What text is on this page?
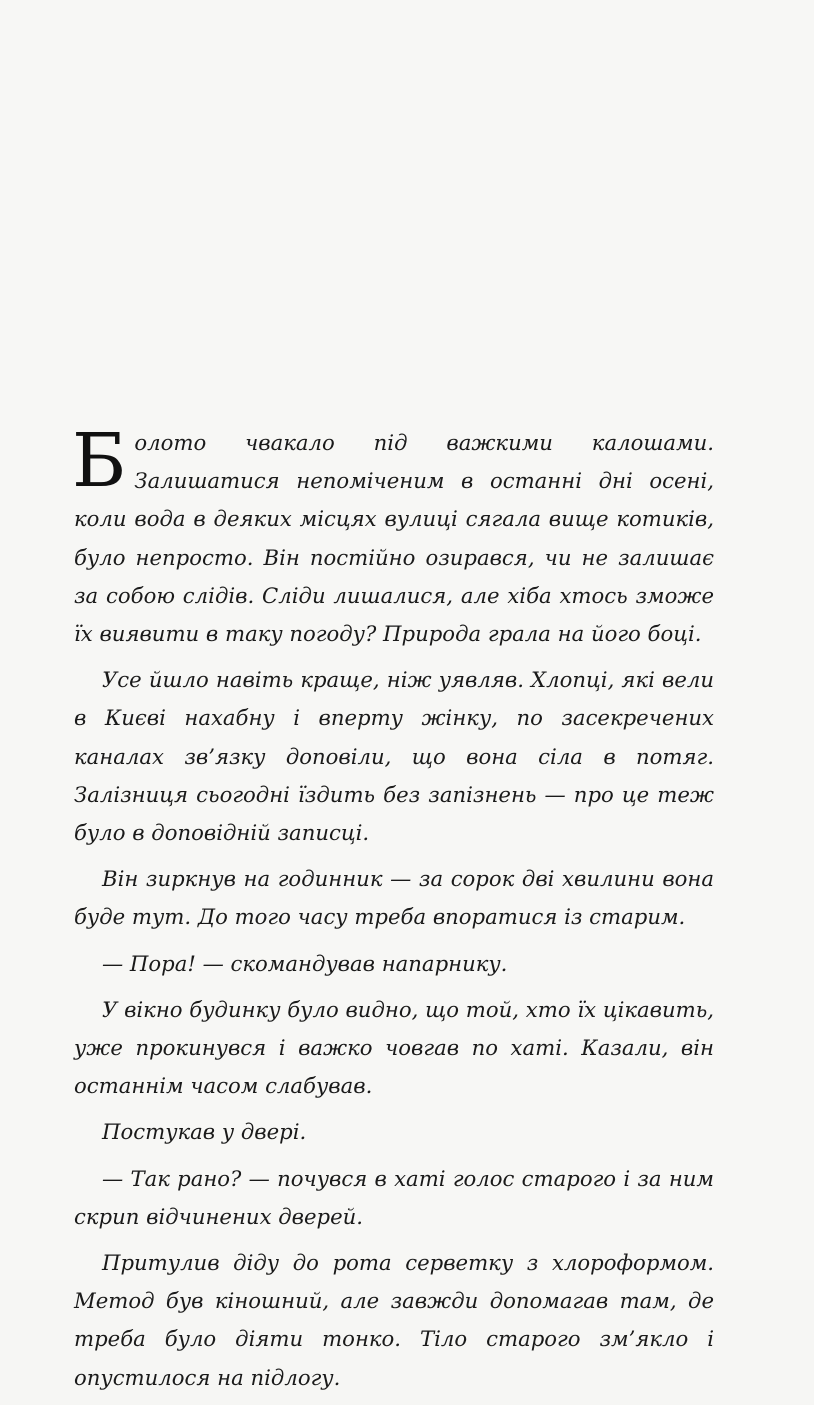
Болото чвакало під важкими калошами. Залишатися непоміченим в останні дні осені, коли вода в деяких місцях вулиці сягала вище котиків, було непросто. Він постійно озирався, чи не залишає за собою слідів. Сліди лишалися, але хіба хтось зможе їх виявити в таку погоду? Природа грала на його боці.

Усе йшло навіть краще, ніж уявляв. Хлопці, які вели в Києві нахабну і вперту жінку, по засекречених каналах зв’язку доповіли, що вона сіла в потяг. Залізниця сьогодні їздить без запізнень — про це теж було в доповідній записці.

Він зиркнув на годинник — за сорок дві хвилини вона буде тут. До того часу треба впоратися із старим.

— Пора! — скомандував напарнику.

У вікно будинку було видно, що той, хто їх цікавить, уже прокинувся і важко човгав по хаті. Казали, він останнім часом слабував.

Постукав у двері.

— Так рано? — почувся в хаті голос старого і за ним скрип відчинених дверей.

Притулив діду до рота серветку з хлороформом. Метод був кіношний, але завжди допомагав там, де треба було діяти тонко. Тіло старого зм’якло і опустилося на підлогу.
